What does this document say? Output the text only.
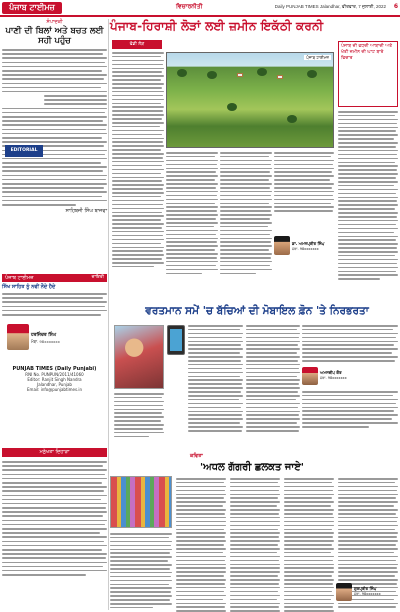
ਪੰਜਾਬ ਟਾਈਮਜ਼	ਵਿਚਾਰਨੀਤੀ	Daily PUNJAB TIMES Jalandhar, ਵੀਰਵਾਰ, 7 ਜੁਲਾਈ, 2022 6
ਸੰਪਾਦਕੀ
ਪਾਣੀ ਦੀ ਬਿਲਾਂ ਅਤੇ ਬਚਤ ਲਈ ਸਹੀ ਪਹੁੰਚ
ਸਾਹਿਬਜੀ ਸਿੰਘ ਬਾਜਵਾ
EDITORIAL
ਪੰਜਾਬ ਟਾਈਮਜ਼	ਦਾਇਰੀ
ਸਿੱਖ ਸਾਹਿਤ ਨੂੰ ਨਵੀਂ ਨੌਦੇ ਹੈਦੇ
ਹਰਜਿੰਦਰ ਸਿੰਘ
ਮੋਬਾ. 98xxxxxxx
PUNJAB TIMES (Daily Punjabi)
RNI No. PUNPUN/2011/41060
Editor: Ranjit Singh Nandra
Jalandhar, Punjab
Email: info@punjabtimes.in
ਮਨੁੱਖਤਾ ਦਿਹਾੜਾ
ਪੰਜਾਬ-ਹਿਰਾਸ਼ੀ ਲੋੜਾਂ ਲਈ ਜ਼ਮੀਨ ਇਕੱਠੀ ਕਰਨੀ
ਵੱਡੀ ਲੋੜ
ਪੰਜਾਬ ਟਾਈਮਜ਼
ਪੰਜਾਬ ਦੀ ਵਧਦੀ ਆਬਾਦੀ ਅਤੇ ਖੇਤੀ ਜ਼ਮੀਨ ਦੀ ਘਾਟ ਬਾਰੇ ਵਿਚਾਰ
ਡਾ. ਅਮਨਪ੍ਰੀਤ ਸਿੰਘ
ਮੋਬਾ. 98xxxxxxx
ਵਰਤਮਾਨ ਸਮੇਂ 'ਚ ਬੱਚਿਆਂ ਦੀ ਮੋਬਾਇਲ ਫ਼ੋਨ 'ਤੇ ਨਿਰਭਰਤਾ
ਅਮਨਦੀਪ ਕੌਰ
ਮੋਬਾ. 98xxxxxxx
ਕਵਿਤਾ
'ਅਧਲ ਗੱਗਰੀ ਛਲਕਤ ਜਾਏ'
ਗੁਰਪ੍ਰੀਤ ਸਿੰਘ
ਮੋਬਾ. 98xxxxxxx
